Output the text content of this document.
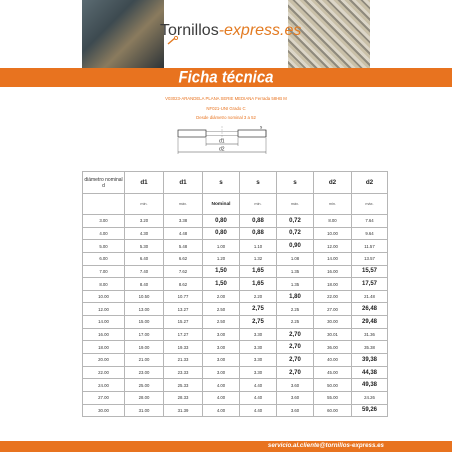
Tornillos-express.es
Ficha técnica
V03023-ARANDELA PLANA SERIE MEDIANA Ferrada 58HB M
NF021-UNI Grado C
Desde diámetro nominal 3 a 52
d1
d2
s
diámetro nominal d	d1	d1	s	s	s	d2	d2
	min.	máx.	Nominal	min.	máx.	min.	máx.
3.00	3.20	3.38	0,80	0,88	0,72	8.00	7.64
4.00	4.30	4.48	0,80	0,88	0,72	10.00	9.64
5.00	5.30	5.48	1.00	1.10	0,90	12.00	11.57
6.00	6.40	6.62	1.20	1.32	1.08	14.00	13.57
7.00	7.40	7.62	1,50	1,65	1.35	16.00	15,57
8.00	8.40	8.62	1,50	1,65	1.35	18.00	17,57
10.00	10.50	10.77	2.00	2.20	1,80	22.00	21.48
12.00	13.00	13.27	2.50	2,75	2.25	27.00	26,48
14.00	15.00	15.27	2.50	2,75	2.25	30.00	29,48
16.00	17.00	17.27	3.00	3.30	2,70	30.01	31.36
18.00	19.00	19.33	3.00	3.30	2,70	36.00	35.38
20.00	21.00	21.33	3.00	3.30	2,70	40.00	39,38
22.00	23.00	23.33	3.00	3.30	2,70	45.00	44,38
24.00	25.00	25.33	4.00	4.40	3.60	50.00	49,38
27.00	28.00	28.33	4.00	4.40	3.60	55.00	24.26
30.00	31.00	31.39	4.00	4.40	3.60	60.00	59,26
servicio.al.cliente@tornillos-express.es
